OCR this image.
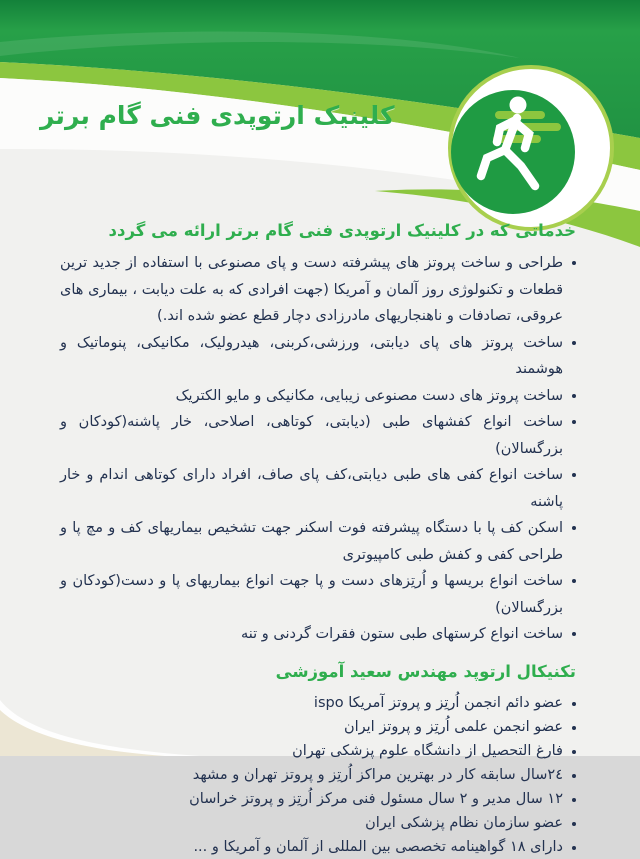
کلینیک ارتوپدی فنی گام برتر
خدماتی که در کلینیک ارتوپدی فنی گام برتر ارائه می گردد
طراحی و ساخت پروتز های پیشرفته دست و پای مصنوعی با استفاده از جدید ترین قطعات و تکنولوژی روز آلمان و آمریکا (جهت افرادی که به علت دیابت ، بیماری های عروقی، تصادفات و ناهنجاریهای مادرزادی دچار قطع عضو شده اند.)
ساخت پروتز های پای دیابتی، ورزشی،کربنی، هیدرولیک، مکانیکی، پنوماتیک و هوشمند
ساخت پروتز های دست مصنوعی زیبایی، مکانیکی و مایو الکتریک
ساخت انواع کفشهای طبی (دیابتی، کوتاهی، اصلاحی، خار پاشنه(کودکان و بزرگسالان)
ساخت انواع کفی های طبی دیابتی،کف پای صاف، افراد دارای کوتاهی اندام و خار پاشنه
اسکن کف پا با دستگاه پیشرفته فوت اسکنر جهت تشخیص بیماریهای کف و مچ پا و طراحی کفی و کفش طبی کامپیوتری
ساخت انواع بریسها و اُرتِزهای دست و پا جهت انواع بیماریهای پا و دست(کودکان و بزرگسالان)
ساخت انواع کرستهای طبی ستون فقرات گردنی و تنه
تکنیکال ارتوپد مهندس سعید آموزشی
عضو دائم انجمن اُرتِز و پروتز آمریکا ispo
عضو انجمن علمی اُرتِز و پروتز ایران
فارغ التحصیل از دانشگاه علوم پزشکی تهران
۲٤سال سابقه کار در بهترین مراکز اُرتِز و پروتز تهران و مشهد
۱۲ سال مدیر و ۲ سال مسئول فنی مرکز اُرتِز و پروتز خراسان
عضو سازمان نظام پزشکی ایران
دارای ۱۸ گواهینامه تخصصی بین المللی از آلمان و آمریکا و ...
